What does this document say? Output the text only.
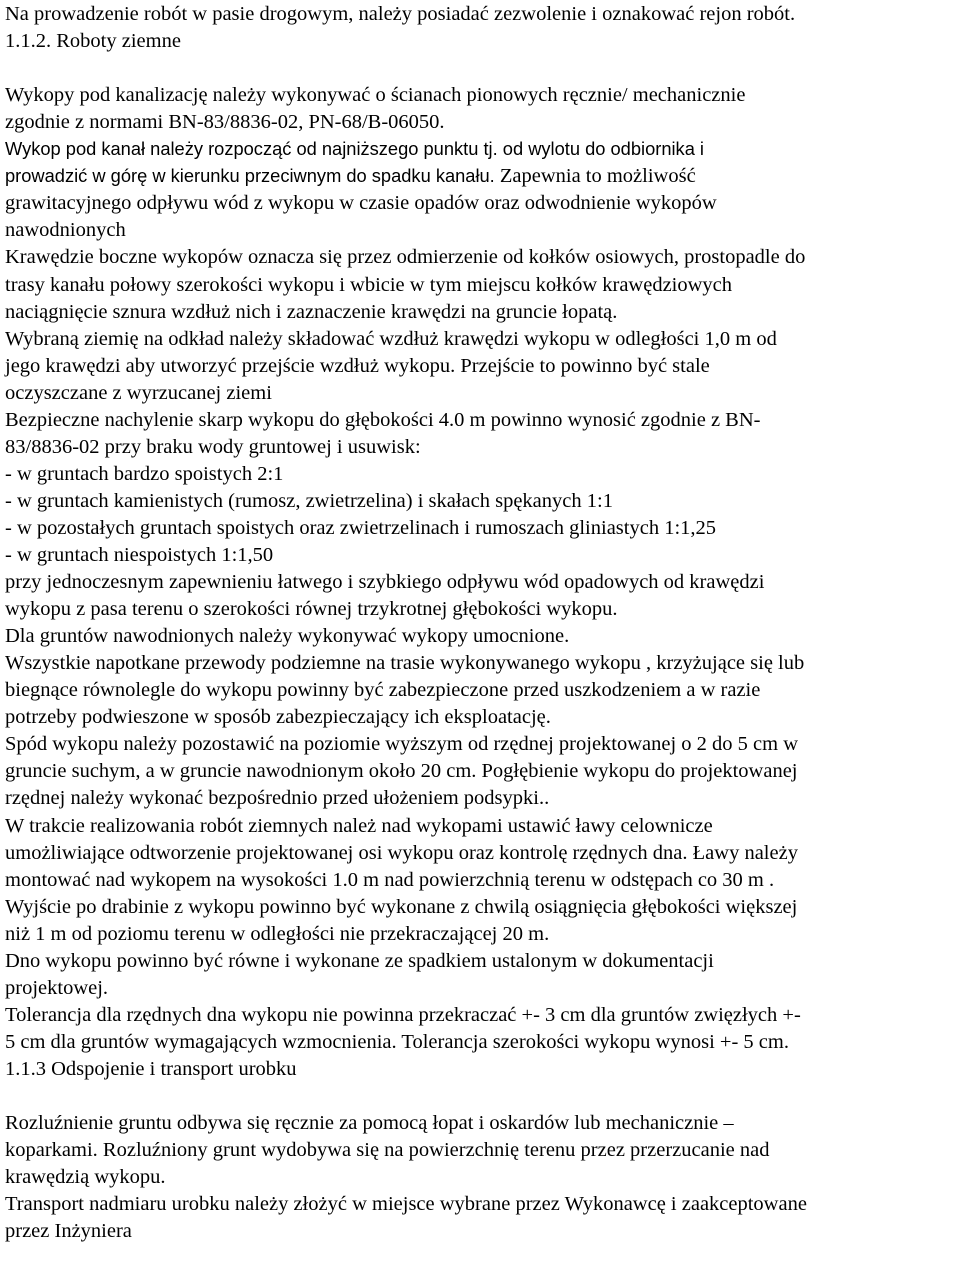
Na prowadzenie robót w pasie drogowym, należy posiadać zezwolenie i oznakować rejon robót.
1.1.2. Roboty ziemne
Wykopy pod kanalizację należy wykonywać o ścianach pionowych ręcznie/ mechanicznie
zgodnie z normami BN-83/8836-02, PN-68/B-06050.
Wykop pod kanał należy rozpocząć od najniższego punktu tj. od wylotu do odbiornika i
prowadzić w górę w kierunku przeciwnym do spadku kanału. Zapewnia to możliwość
grawitacyjnego odpływu wód z wykopu w czasie opadów oraz odwodnienie wykopów
nawodnionych
Krawędzie boczne wykopów oznacza się przez odmierzenie od kołków osiowych, prostopadle do
trasy kanału połowy szerokości wykopu i wbicie w tym miejscu kołków krawędziowych
naciągnięcie sznura wzdłuż nich i zaznaczenie krawędzi na gruncie łopatą.
Wybraną ziemię na odkład należy składować wzdłuż krawędzi wykopu w odległości 1,0 m od
jego krawędzi aby utworzyć przejście wzdłuż wykopu. Przejście to powinno być stale
oczyszczane z wyrzucanej ziemi
Bezpieczne nachylenie skarp wykopu do głębokości 4.0 m powinno wynosić zgodnie z BN-
83/8836-02 przy braku wody gruntowej i usuwisk:
- w gruntach bardzo spoistych 2:1
- w gruntach kamienistych (rumosz, zwietrzelina) i skałach spękanych 1:1
- w pozostałych gruntach spoistych oraz zwietrzelinach i rumoszach gliniastych 1:1,25
- w gruntach niespoistych 1:1,50
przy jednoczesnym zapewnieniu łatwego i szybkiego odpływu wód opadowych od krawędzi
wykopu z pasa terenu o szerokości równej trzykrotnej głębokości wykopu.
Dla gruntów nawodnionych należy wykonywać wykopy umocnione.
Wszystkie napotkane przewody podziemne na trasie wykonywanego wykopu , krzyżujące się lub
biegnące równolegle do wykopu powinny być zabezpieczone przed uszkodzeniem a w razie
potrzeby podwieszone w sposób zabezpieczający ich eksploatację.
Spód wykopu należy pozostawić na poziomie wyższym od rzędnej projektowanej o 2 do 5 cm w
gruncie suchym, a w gruncie nawodnionym około 20 cm. Pogłębienie wykopu do projektowanej
rzędnej należy wykonać bezpośrednio przed ułożeniem podsypki..
W trakcie realizowania robót ziemnych należ nad wykopami ustawić ławy celownicze
umożliwiające odtworzenie projektowanej osi wykopu oraz kontrolę rzędnych dna. Ławy należy
montować nad wykopem na wysokości 1.0 m nad powierzchnią terenu w odstępach co 30 m .
Wyjście po drabinie z wykopu powinno być wykonane z chwilą osiągnięcia głębokości większej
niż 1 m od poziomu terenu w odległości nie przekraczającej 20 m.
Dno wykopu powinno być równe i wykonane ze spadkiem ustalonym w dokumentacji
projektowej.
Tolerancja dla rzędnych dna wykopu nie powinna przekraczać +- 3 cm dla gruntów zwięzłych +-
5 cm dla gruntów wymagających wzmocnienia. Tolerancja szerokości wykopu wynosi +- 5 cm.
1.1.3 Odspojenie i transport urobku
Rozluźnienie gruntu odbywa się ręcznie za pomocą łopat i oskardów lub mechanicznie –
koparkami. Rozluźniony grunt wydobywa się na powierzchnię terenu przez przerzucanie nad
krawędzią wykopu.
Transport nadmiaru urobku należy złożyć w miejsce wybrane przez Wykonawcę i zaakceptowane
przez Inżyniera
